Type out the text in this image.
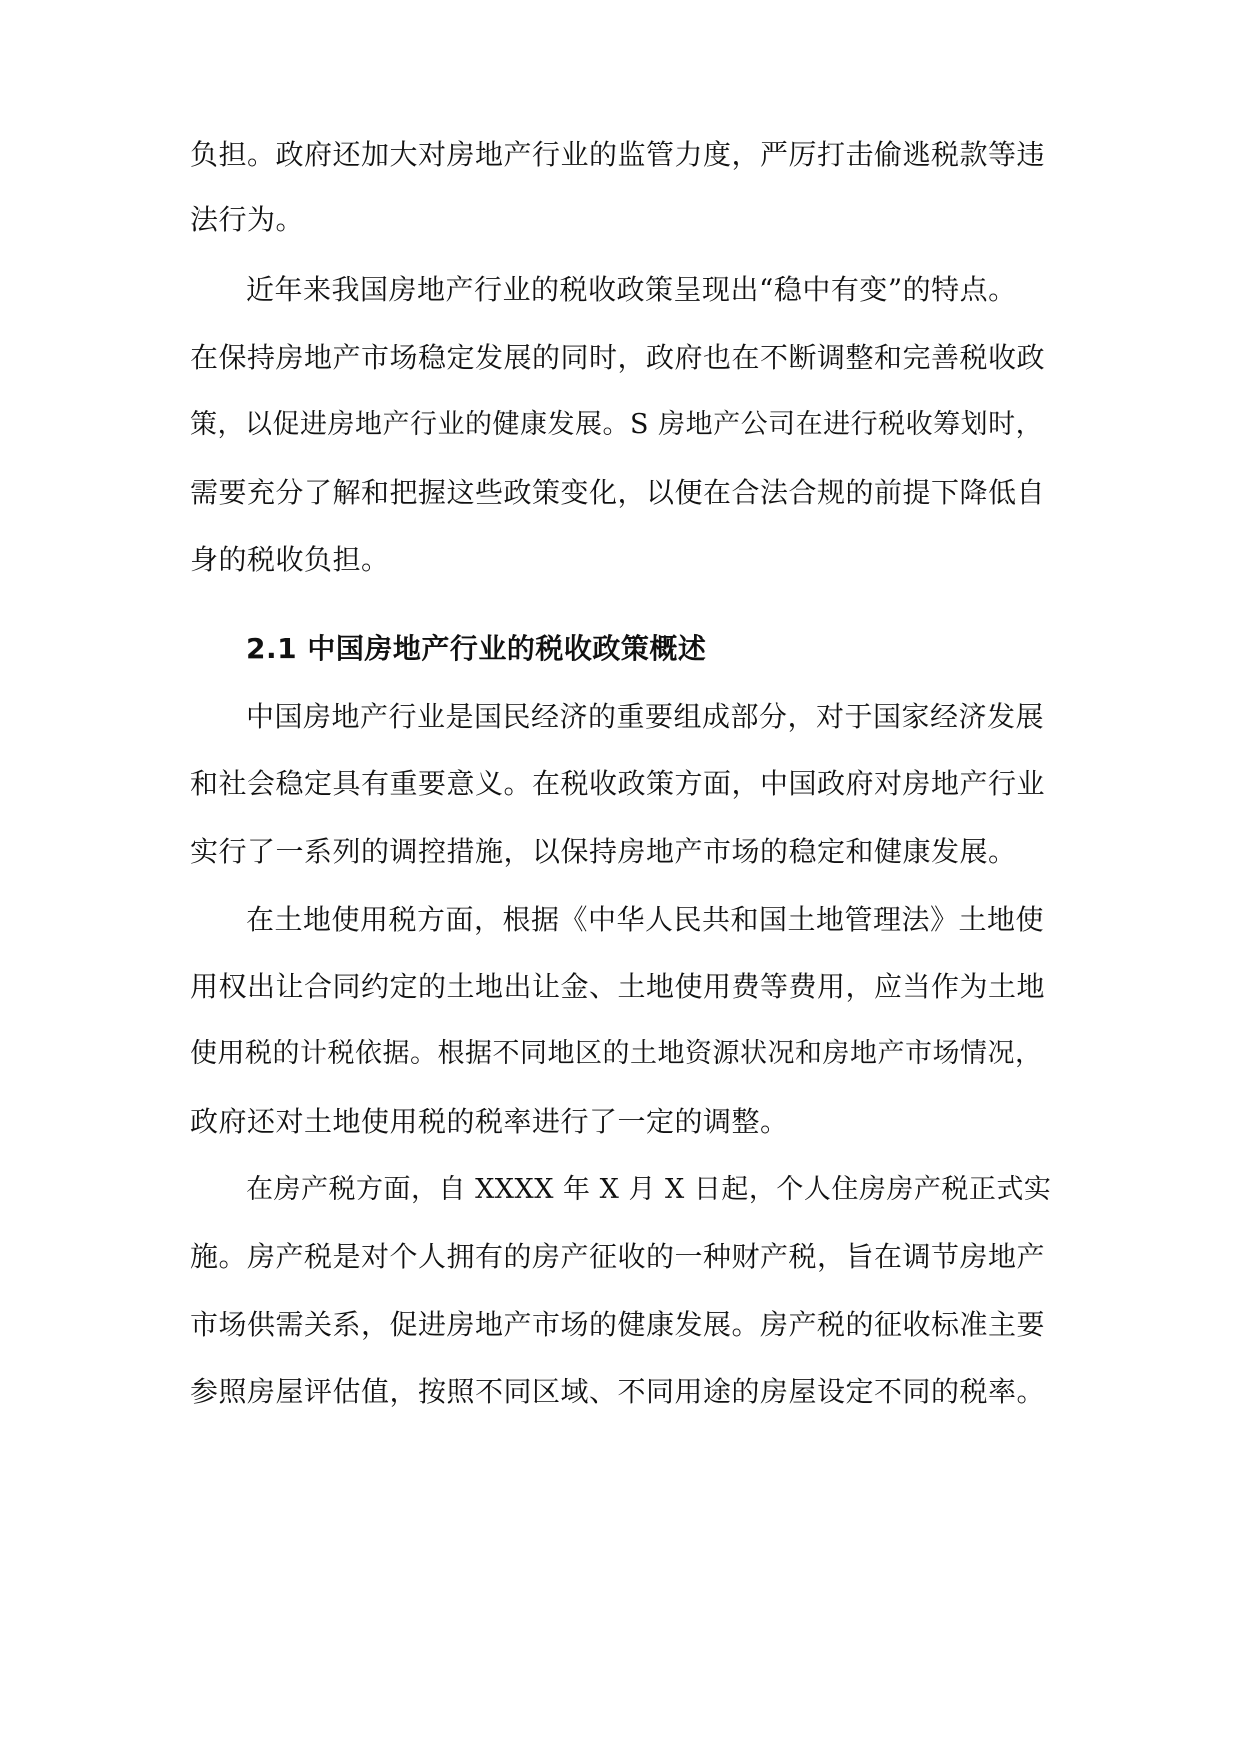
负担。政府还加大对房地产行业的监管力度，严厉打击偷逃税款等违
法行为。
近年来我国房地产行业的税收政策呈现出“稳中有变”的特点。
在保持房地产市场稳定发展的同时，政府也在不断调整和完善税收政
策，以促进房地产行业的健康发展。S 房地产公司在进行税收筹划时，
需要充分了解和把握这些政策变化，以便在合法合规的前提下降低自
身的税收负担。
2.1 中国房地产行业的税收政策概述
中国房地产行业是国民经济的重要组成部分，对于国家经济发展
和社会稳定具有重要意义。在税收政策方面，中国政府对房地产行业
实行了一系列的调控措施，以保持房地产市场的稳定和健康发展。
在土地使用税方面，根据《中华人民共和国土地管理法》土地使
用权出让合同约定的土地出让金、土地使用费等费用，应当作为土地
使用税的计税依据。根据不同地区的土地资源状况和房地产市场情况，
政府还对土地使用税的税率进行了一定的调整。
在房产税方面，自 XXXX 年 X 月 X 日起，个人住房房产税正式实
施。房产税是对个人拥有的房产征收的一种财产税，旨在调节房地产
市场供需关系，促进房地产市场的健康发展。房产税的征收标准主要
参照房屋评估值，按照不同区域、不同用途的房屋设定不同的税率。
